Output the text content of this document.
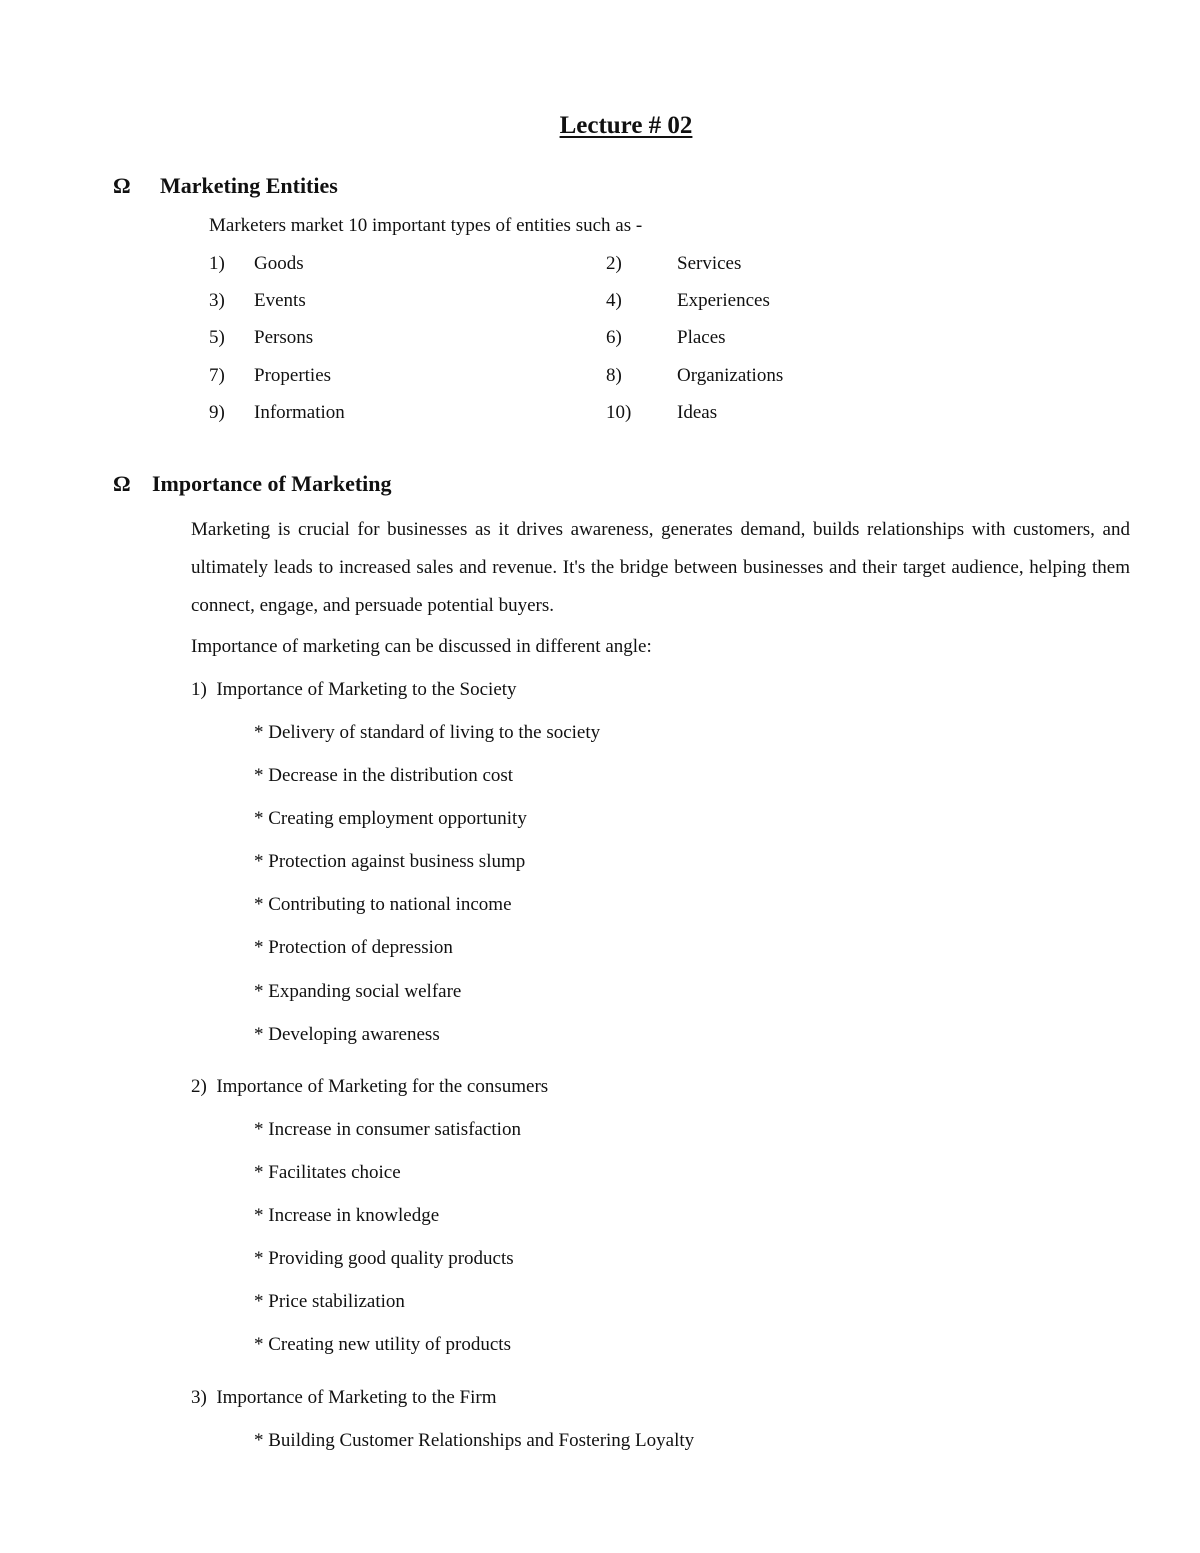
Lecture # 02
Ω Marketing Entities
Marketers market 10 important types of entities such as -
1) Goods	2)	Services
3) Events	4)	Experiences
5) Persons	6)	Places
7) Properties	8)	Organizations
9) Information	10) Ideas
Ω Importance of Marketing
Marketing is crucial for businesses as it drives awareness, generates demand, builds relationships with customers, and ultimately leads to increased sales and revenue. It's the bridge between businesses and their target audience, helping them connect, engage, and persuade potential buyers.
Importance of marketing can be discussed in different angle:
1)  Importance of Marketing to the Society
* Delivery of standard of living to the society
* Decrease in the distribution cost
* Creating employment opportunity
* Protection against business slump
* Contributing to national income
* Protection of depression
* Expanding social welfare
* Developing awareness
2)  Importance of Marketing for the consumers
* Increase in consumer satisfaction
* Facilitates choice
* Increase in knowledge
* Providing good quality products
* Price stabilization
* Creating new utility of products
3)  Importance of Marketing to the Firm
* Building Customer Relationships and Fostering Loyalty
